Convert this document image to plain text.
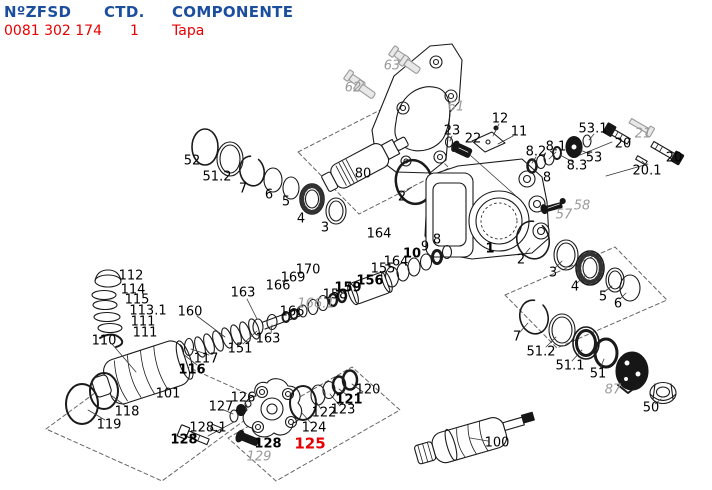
NºZFSD CTD. COMPONENTE
0081 302 174 1 Tapa
52
51.2
7 6 5
4
3
80
2
62
63
61
12
11
23
22
8.2 8.1
8.3
53
53.1
8
20
21
20
20.1
58
57
1
2
3
4
5 6
7
51.2
51.1
51
87
50
8
9
10
164
164
155
156
159
158
170
169
166
166
166.1
163
163
160
151
112
114
115
113.1
111
111
110
117
116
101
118
119
127
126
128.1
128	128
129
125
124
122
123
121
120
100
